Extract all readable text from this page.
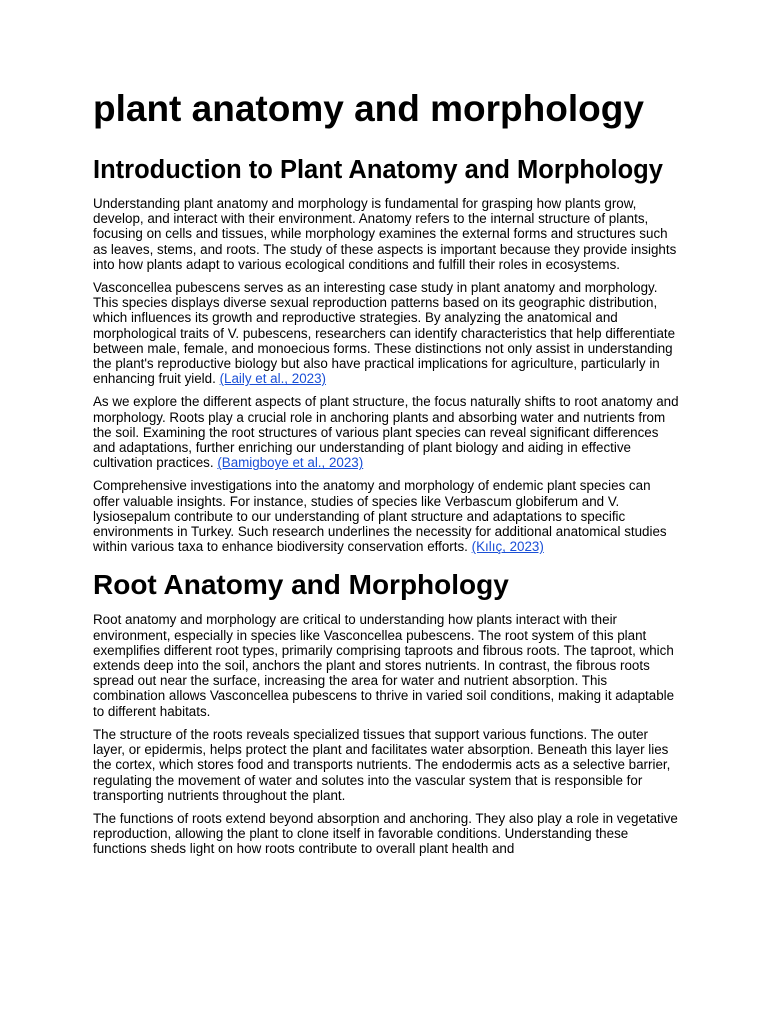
plant anatomy and morphology
Introduction to Plant Anatomy and Morphology

Understanding plant anatomy and morphology is fundamental for grasping how plants grow, develop, and interact with their environment. Anatomy refers to the internal structure of plants, focusing on cells and tissues, while morphology examines the external forms and structures such as leaves, stems, and roots. The study of these aspects is important because they provide insights into how plants adapt to various ecological conditions and fulfill their roles in ecosystems.

Vasconcellea pubescens serves as an interesting case study in plant anatomy and morphology. This species displays diverse sexual reproduction patterns based on its geographic distribution, which influences its growth and reproductive strategies. By analyzing the anatomical and morphological traits of V. pubescens, researchers can identify characteristics that help differentiate between male, female, and monoecious forms. These distinctions not only assist in understanding the plant's reproductive biology but also have practical implications for agriculture, particularly in enhancing fruit yield. (Laily et al., 2023)

As we explore the different aspects of plant structure, the focus naturally shifts to root anatomy and morphology. Roots play a crucial role in anchoring plants and absorbing water and nutrients from the soil. Examining the root structures of various plant species can reveal significant differences and adaptations, further enriching our understanding of plant biology and aiding in effective cultivation practices. (Bamigboye et al., 2023)

Comprehensive investigations into the anatomy and morphology of endemic plant species can offer valuable insights. For instance, studies of species like Verbascum globiferum and V. lysiosepalum contribute to our understanding of plant structure and adaptations to specific environments in Turkey. Such research underlines the necessity for additional anatomical studies within various taxa to enhance biodiversity conservation efforts. (Kılıç, 2023)

Root Anatomy and Morphology

Root anatomy and morphology are critical to understanding how plants interact with their environment, especially in species like Vasconcellea pubescens. The root system of this plant exemplifies different root types, primarily comprising taproots and fibrous roots. The taproot, which extends deep into the soil, anchors the plant and stores nutrients. In contrast, the fibrous roots spread out near the surface, increasing the area for water and nutrient absorption. This combination allows Vasconcellea pubescens to thrive in varied soil conditions, making it adaptable to different habitats.

The structure of the roots reveals specialized tissues that support various functions. The outer layer, or epidermis, helps protect the plant and facilitates water absorption. Beneath this layer lies the cortex, which stores food and transports nutrients. The endodermis acts as a selective barrier, regulating the movement of water and solutes into the vascular system that is responsible for transporting nutrients throughout the plant.

The functions of roots extend beyond absorption and anchoring. They also play a role in vegetative reproduction, allowing the plant to clone itself in favorable conditions. Understanding these functions sheds light on how roots contribute to overall plant health and
